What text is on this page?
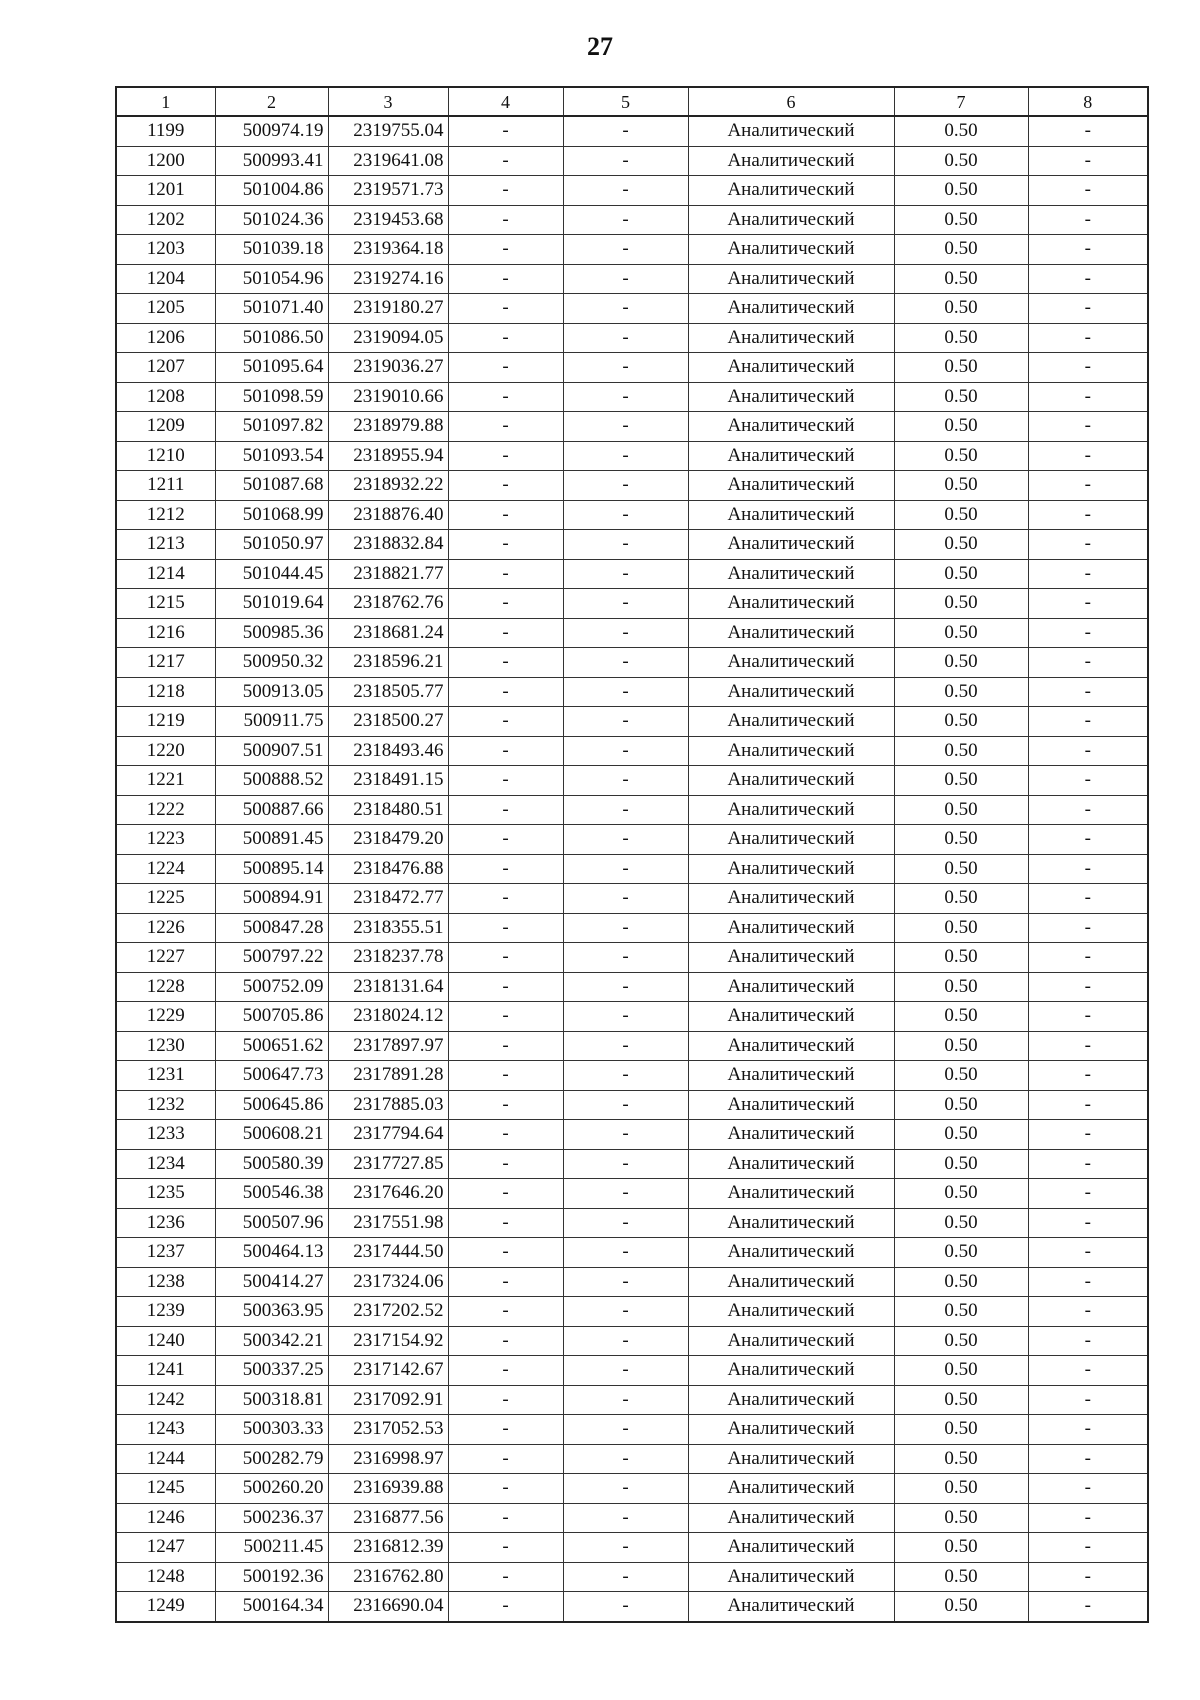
27
1	2	3	4	5	6	7	8
1199	500974.19	2319755.04	-	-	Аналитический	0.50	-
1200	500993.41	2319641.08	-	-	Аналитический	0.50	-
1201	501004.86	2319571.73	-	-	Аналитический	0.50	-
1202	501024.36	2319453.68	-	-	Аналитический	0.50	-
1203	501039.18	2319364.18	-	-	Аналитический	0.50	-
1204	501054.96	2319274.16	-	-	Аналитический	0.50	-
1205	501071.40	2319180.27	-	-	Аналитический	0.50	-
1206	501086.50	2319094.05	-	-	Аналитический	0.50	-
1207	501095.64	2319036.27	-	-	Аналитический	0.50	-
1208	501098.59	2319010.66	-	-	Аналитический	0.50	-
1209	501097.82	2318979.88	-	-	Аналитический	0.50	-
1210	501093.54	2318955.94	-	-	Аналитический	0.50	-
1211	501087.68	2318932.22	-	-	Аналитический	0.50	-
1212	501068.99	2318876.40	-	-	Аналитический	0.50	-
1213	501050.97	2318832.84	-	-	Аналитический	0.50	-
1214	501044.45	2318821.77	-	-	Аналитический	0.50	-
1215	501019.64	2318762.76	-	-	Аналитический	0.50	-
1216	500985.36	2318681.24	-	-	Аналитический	0.50	-
1217	500950.32	2318596.21	-	-	Аналитический	0.50	-
1218	500913.05	2318505.77	-	-	Аналитический	0.50	-
1219	500911.75	2318500.27	-	-	Аналитический	0.50	-
1220	500907.51	2318493.46	-	-	Аналитический	0.50	-
1221	500888.52	2318491.15	-	-	Аналитический	0.50	-
1222	500887.66	2318480.51	-	-	Аналитический	0.50	-
1223	500891.45	2318479.20	-	-	Аналитический	0.50	-
1224	500895.14	2318476.88	-	-	Аналитический	0.50	-
1225	500894.91	2318472.77	-	-	Аналитический	0.50	-
1226	500847.28	2318355.51	-	-	Аналитический	0.50	-
1227	500797.22	2318237.78	-	-	Аналитический	0.50	-
1228	500752.09	2318131.64	-	-	Аналитический	0.50	-
1229	500705.86	2318024.12	-	-	Аналитический	0.50	-
1230	500651.62	2317897.97	-	-	Аналитический	0.50	-
1231	500647.73	2317891.28	-	-	Аналитический	0.50	-
1232	500645.86	2317885.03	-	-	Аналитический	0.50	-
1233	500608.21	2317794.64	-	-	Аналитический	0.50	-
1234	500580.39	2317727.85	-	-	Аналитический	0.50	-
1235	500546.38	2317646.20	-	-	Аналитический	0.50	-
1236	500507.96	2317551.98	-	-	Аналитический	0.50	-
1237	500464.13	2317444.50	-	-	Аналитический	0.50	-
1238	500414.27	2317324.06	-	-	Аналитический	0.50	-
1239	500363.95	2317202.52	-	-	Аналитический	0.50	-
1240	500342.21	2317154.92	-	-	Аналитический	0.50	-
1241	500337.25	2317142.67	-	-	Аналитический	0.50	-
1242	500318.81	2317092.91	-	-	Аналитический	0.50	-
1243	500303.33	2317052.53	-	-	Аналитический	0.50	-
1244	500282.79	2316998.97	-	-	Аналитический	0.50	-
1245	500260.20	2316939.88	-	-	Аналитический	0.50	-
1246	500236.37	2316877.56	-	-	Аналитический	0.50	-
1247	500211.45	2316812.39	-	-	Аналитический	0.50	-
1248	500192.36	2316762.80	-	-	Аналитический	0.50	-
1249	500164.34	2316690.04	-	-	Аналитический	0.50	-
